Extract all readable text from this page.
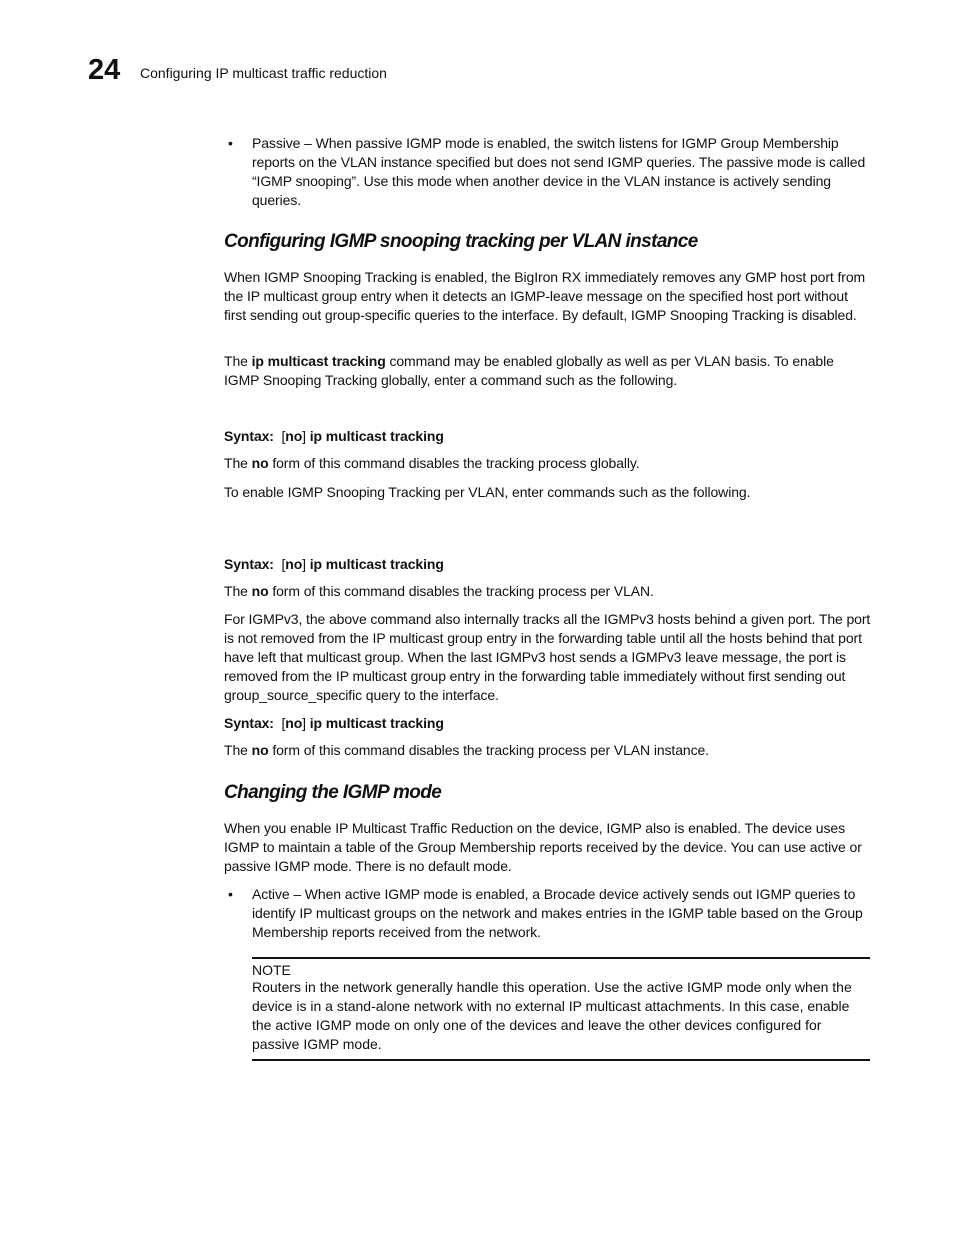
24 Configuring IP multicast traffic reduction
• Passive – When passive IGMP mode is enabled, the switch listens for IGMP Group Membership reports on the VLAN instance specified but does not send IGMP queries. The passive mode is called “IGMP snooping”. Use this mode when another device in the VLAN instance is actively sending queries.
Configuring IGMP snooping tracking per VLAN instance
When IGMP Snooping Tracking is enabled, the BigIron RX immediately removes any GMP host port from the IP multicast group entry when it detects an IGMP-leave message on the specified host port without first sending out group-specific queries to the interface. By default, IGMP Snooping Tracking is disabled.
The ip multicast tracking command may be enabled globally as well as per VLAN basis. To enable IGMP Snooping Tracking globally, enter a command such as the following.
Syntax: [no] ip multicast tracking
The no form of this command disables the tracking process globally.
To enable IGMP Snooping Tracking per VLAN, enter commands such as the following.
Syntax: [no] ip multicast tracking
The no form of this command disables the tracking process per VLAN.
For IGMPv3, the above command also internally tracks all the IGMPv3 hosts behind a given port. The port is not removed from the IP multicast group entry in the forwarding table until all the hosts behind that port have left that multicast group. When the last IGMPv3 host sends a IGMPv3 leave message, the port is removed from the IP multicast group entry in the forwarding table immediately without first sending out group_source_specific query to the interface.
Syntax: [no] ip multicast tracking
The no form of this command disables the tracking process per VLAN instance.
Changing the IGMP mode
When you enable IP Multicast Traffic Reduction on the device, IGMP also is enabled. The device uses IGMP to maintain a table of the Group Membership reports received by the device. You can use active or passive IGMP mode. There is no default mode.
• Active – When active IGMP mode is enabled, a Brocade device actively sends out IGMP queries to identify IP multicast groups on the network and makes entries in the IGMP table based on the Group Membership reports received from the network.
NOTE
Routers in the network generally handle this operation. Use the active IGMP mode only when the device is in a stand-alone network with no external IP multicast attachments. In this case, enable the active IGMP mode on only one of the devices and leave the other devices configured for passive IGMP mode.
